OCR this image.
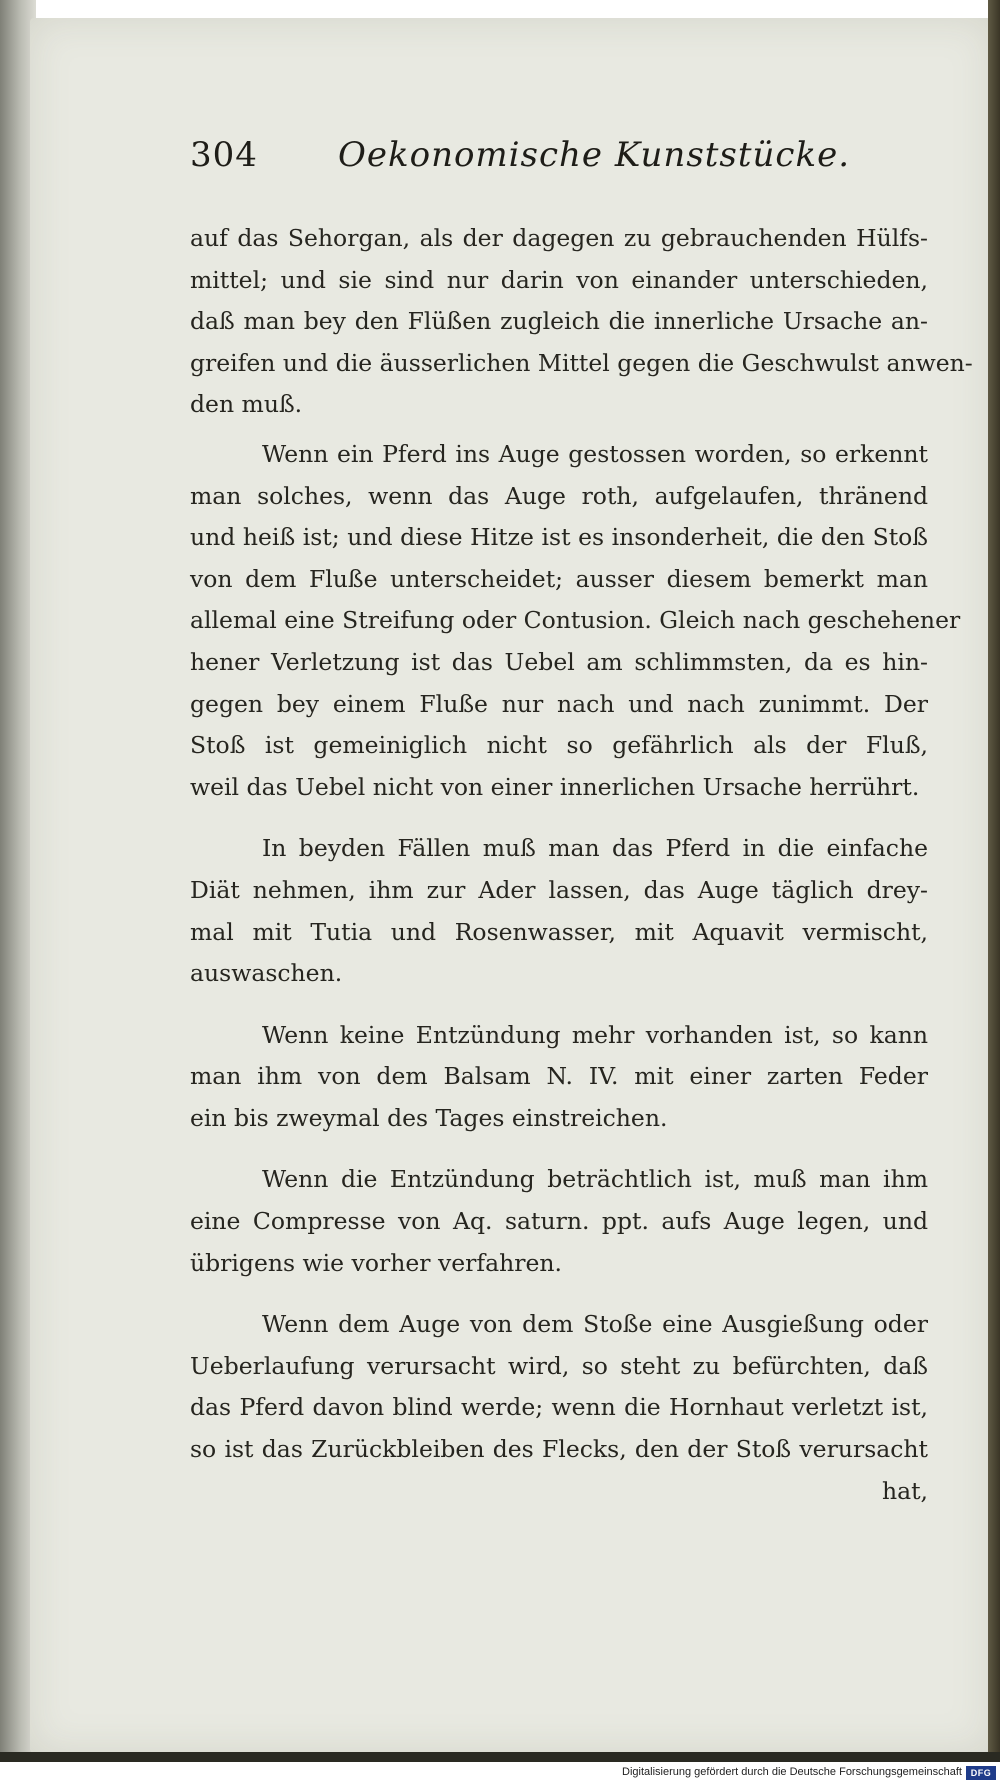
304 Oekonomische Kunststücke.
auf das Sehorgan, als der dagegen zu gebrauchenden Hülfs-
mittel; und sie sind nur darin von einander unterschieden,
daß man bey den Flüßen zugleich die innerliche Ursache an-
greifen und die äusserlichen Mittel gegen die Geschwulst anwen-
den muß.
Wenn ein Pferd ins Auge gestossen worden, so erkennt
man solches, wenn das Auge roth, aufgelaufen, thränend
und heiß ist; und diese Hitze ist es insonderheit, die den Stoß
von dem Fluße unterscheidet; ausser diesem bemerkt man
allemal eine Streifung oder Contusion. Gleich nach geschehener
hener Verletzung ist das Uebel am schlimmsten, da es hin-
gegen bey einem Fluße nur nach und nach zunimmt. Der
Stoß ist gemeiniglich nicht so gefährlich als der Fluß,
weil das Uebel nicht von einer innerlichen Ursache herrührt.
In beyden Fällen muß man das Pferd in die einfache
Diät nehmen, ihm zur Ader lassen, das Auge täglich drey-
mal mit Tutia und Rosenwasser, mit Aquavit vermischt,
auswaschen.
Wenn keine Entzündung mehr vorhanden ist, so kann
man ihm von dem Balsam N. IV. mit einer zarten Feder
ein bis zweymal des Tages einstreichen.
Wenn die Entzündung beträchtlich ist, muß man ihm
eine Compresse von Aq. saturn. ppt. aufs Auge legen, und
übrigens wie vorher verfahren.
Wenn dem Auge von dem Stoße eine Ausgießung oder
Ueberlaufung verursacht wird, so steht zu befürchten, daß
das Pferd davon blind werde; wenn die Hornhaut verletzt ist,
so ist das Zurückbleiben des Flecks, den der Stoß verursacht
hat,
Digitalisierung gefördert durch die Deutsche Forschungsgemeinschaft DFG
